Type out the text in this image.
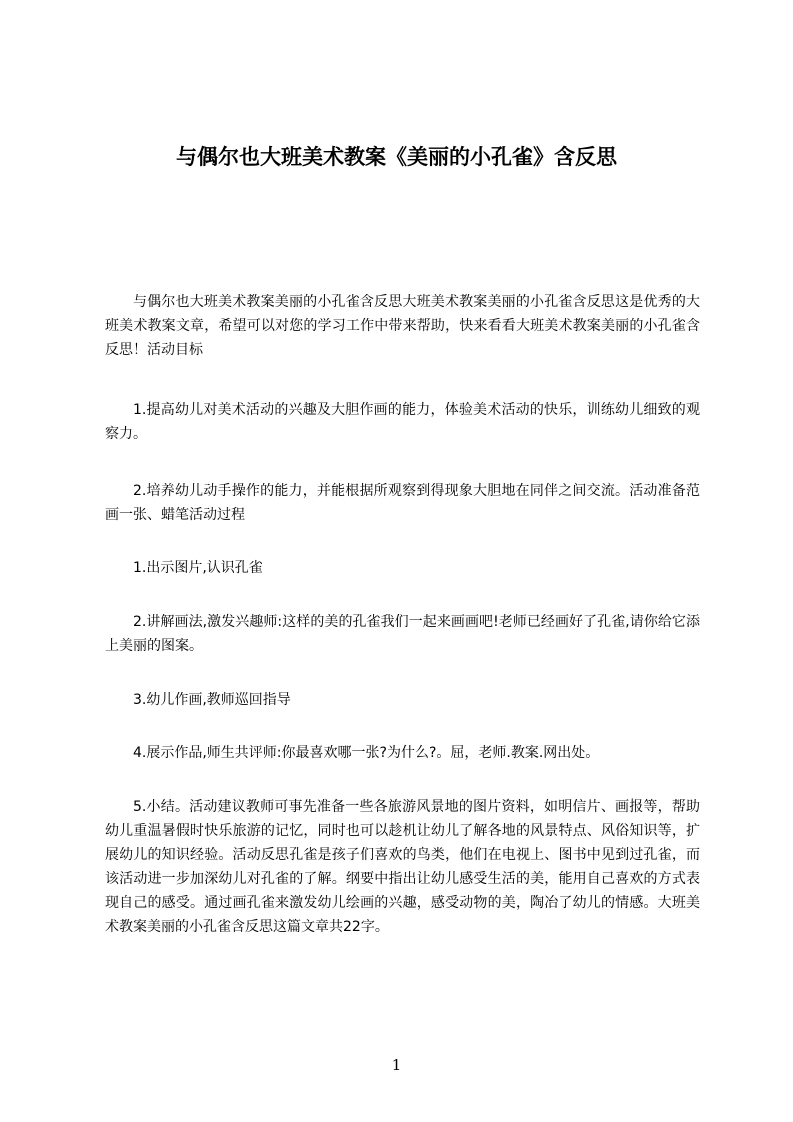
与偶尔也大班美术教案《美丽的小孔雀》含反思

与偶尔也大班美术教案美丽的小孔雀含反思大班美术教案美丽的小孔雀含反思这是优秀的大班美术教案文章，希望可以对您的学习工作中带来帮助，快来看看大班美术教案美丽的小孔雀含反思！活动目标

1.提高幼儿对美术活动的兴趣及大胆作画的能力，体验美术活动的快乐，训练幼儿细致的观察力。

2.培养幼儿动手操作的能力，并能根据所观察到得现象大胆地在同伴之间交流。活动准备范画一张、蜡笔活动过程

1.出示图片,认识孔雀

2.讲解画法,激发兴趣师:这样的美的孔雀我们一起来画画吧!老师已经画好了孔雀,请你给它添上美丽的图案。

3.幼儿作画,教师巡回指导

4.展示作品,师生共评师:你最喜欢哪一张?为什么?。屈，老师.教案.网出处。

5.小结。活动建议教师可事先准备一些各旅游风景地的图片资料，如明信片、画报等，帮助幼儿重温暑假时快乐旅游的记忆，同时也可以趁机让幼儿了解各地的风景特点、风俗知识等，扩展幼儿的知识经验。活动反思孔雀是孩子们喜欢的鸟类，他们在电视上、图书中见到过孔雀，而该活动进一步加深幼儿对孔雀的了解。纲要中指出让幼儿感受生活的美，能用自己喜欢的方式表现自己的感受。通过画孔雀来激发幼儿绘画的兴趣，感受动物的美，陶冶了幼儿的情感。大班美术教案美丽的小孔雀含反思这篇文章共22字。

1
